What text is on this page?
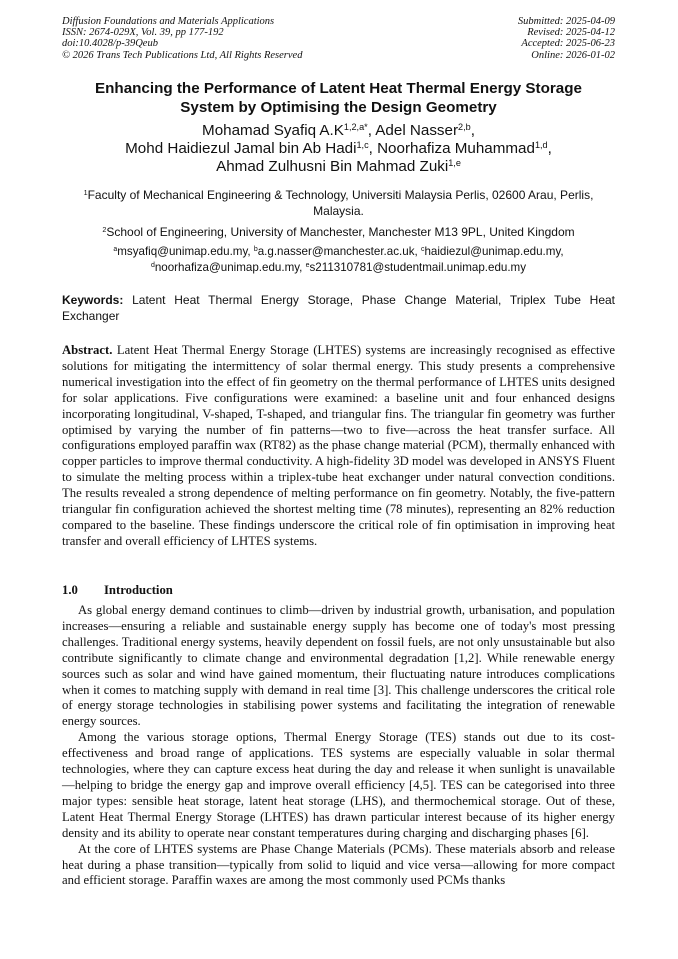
Diffusion Foundations and Materials Applications
ISSN: 2674-029X, Vol. 39, pp 177-192
doi:10.4028/p-39Qeub
© 2026 Trans Tech Publications Ltd, All Rights Reserved
Submitted: 2025-04-09
Revised: 2025-04-12
Accepted: 2025-06-23
Online: 2026-01-02
Enhancing the Performance of Latent Heat Thermal Energy Storage
System by Optimising the Design Geometry
Mohamad Syafiq $A.K^{1,2,a*}$, Adel Nasser$^{2,b}$,
Mohd Haidiezul Jamal bin Ab Hadi$^{1,c}$, Noorhafiza Muhammad$^{1,d}$,
Ahmad Zulhusni Bin Mahmad Zuki$^{1,e}$
$^1$Faculty of Mechanical Engineering & Technology, Universiti Malaysia Perlis, 02600 Arau, Perlis,
Malaysia.
$^2$School of Engineering, University of Manchester, Manchester M13 9PL, United Kingdom
$^a$msyafiq@unimap.edu.my, $^b$a.g.nasser@manchester.ac.uk, $^c$haidiezul@unimap.edu.my,
$^d$noorhafiza@unimap.edu.my, $^e$s211310781@studentmail.unimap.edu.my
Keywords: Latent Heat Thermal Energy Storage, Phase Change Material, Triplex Tube Heat Exchanger
Abstract. Latent Heat Thermal Energy Storage (LHTES) systems are increasingly recognised as effective solutions for mitigating the intermittency of solar thermal energy. This study presents a comprehensive numerical investigation into the effect of fin geometry on the thermal performance of LHTES units designed for solar applications. Five configurations were examined: a baseline unit and four enhanced designs incorporating longitudinal, V-shaped, T-shaped, and triangular fins. The triangular fin geometry was further optimised by varying the number of fin patterns—two to five—across the heat transfer surface. All configurations employed paraffin wax (RT82) as the phase change material (PCM), thermally enhanced with copper particles to improve thermal conductivity. A high-fidelity 3D model was developed in ANSYS Fluent to simulate the melting process within a triplex-tube heat exchanger under natural convection conditions. The results revealed a strong dependence of melting performance on fin geometry. Notably, the five-pattern triangular fin configuration achieved the shortest melting time (78 minutes), representing an 82% reduction compared to the baseline. These findings underscore the critical role of fin optimisation in improving heat transfer and overall efficiency of LHTES systems.
1.0 Introduction

As global energy demand continues to climb—driven by industrial growth, urbanisation, and population increases—ensuring a reliable and sustainable energy supply has become one of today's most pressing challenges. Traditional energy systems, heavily dependent on fossil fuels, are not only unsustainable but also contribute significantly to climate change and environmental degradation [1,2]. While renewable energy sources such as solar and wind have gained momentum, their fluctuating nature introduces complications when it comes to matching supply with demand in real time [3]. This challenge underscores the critical role of energy storage technologies in stabilising power systems and facilitating the integration of renewable energy sources.

Among the various storage options, Thermal Energy Storage (TES) stands out due to its cost-effectiveness and broad range of applications. TES systems are especially valuable in solar thermal technologies, where they can capture excess heat during the day and release it when sunlight is unavailable—helping to bridge the energy gap and improve overall efficiency [4,5]. TES can be categorised into three major types: sensible heat storage, latent heat storage (LHS), and thermochemical storage. Out of these, Latent Heat Thermal Energy Storage (LHTES) has drawn particular interest because of its higher energy density and its ability to operate near constant temperatures during charging and discharging phases [6].

At the core of LHTES systems are Phase Change Materials (PCMs). These materials absorb and release heat during a phase transition—typically from solid to liquid and vice versa—allowing for more compact and efficient storage. Paraffin waxes are among the most commonly used PCMs thanks
